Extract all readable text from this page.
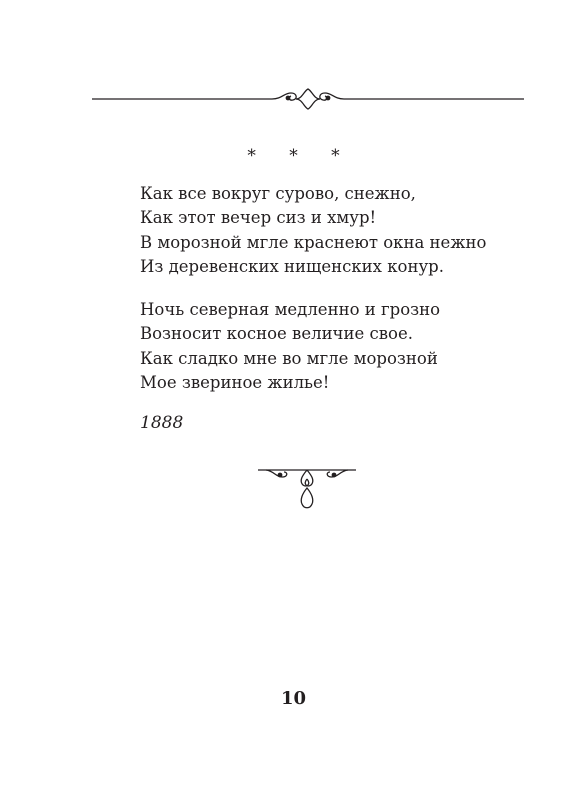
* * *

Как все вокруг сурово, снежно,
Как этот вечер сиз и хмур!
В морозной мгле краснеют окна нежно
Из деревенских нищенских конур.

Ночь северная медленно и грозно
Возносит косное величие свое.
Как сладко мне во мгле морозной
Мое звериное жилье!

1888
10
